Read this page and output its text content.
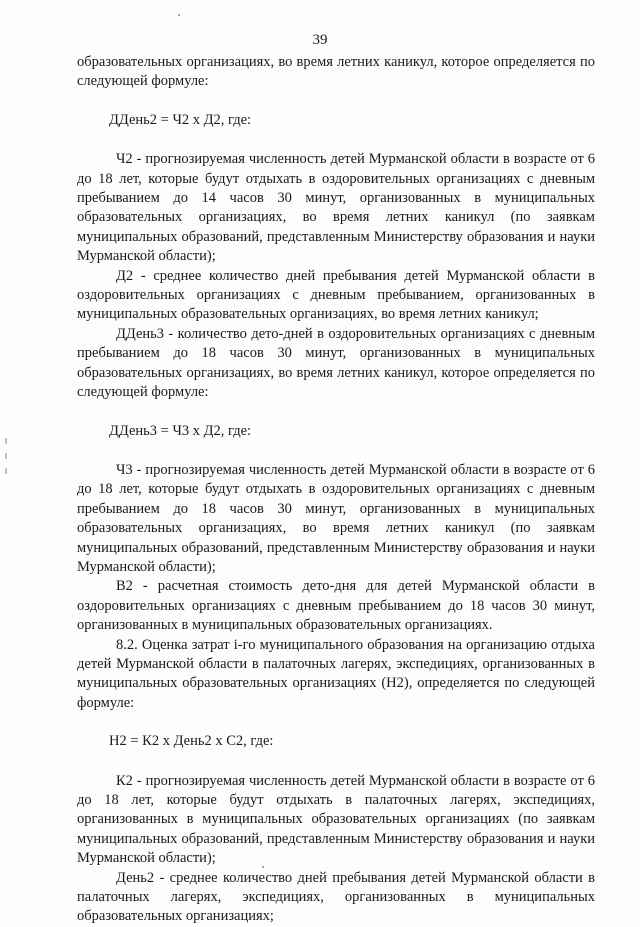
39

образовательных организациях, во время летних каникул, которое определяется по следующей формуле:

ДДень2 = Ч2 x Д2, где:

Ч2 - прогнозируемая численность детей Мурманской области в возрасте от 6 до 18 лет, которые будут отдыхать в оздоровительных организациях с дневным пребыванием до 14 часов 30 минут, организованных в муниципальных образовательных организациях, во время летних каникул (по заявкам муниципальных образований, представленным Министерству образования и науки Мурманской области);

Д2 - среднее количество дней пребывания детей Мурманской области в оздоровительных организациях с дневным пребыванием, организованных в муниципальных образовательных организациях, во время летних каникул;

ДДень3 - количество дето-дней в оздоровительных организациях с дневным пребыванием до 18 часов 30 минут, организованных в муниципальных образовательных организациях, во время летних каникул, которое определяется по следующей формуле:

ДДень3 = Ч3 x Д2, где:

Ч3 - прогнозируемая численность детей Мурманской области в возрасте от 6 до 18 лет, которые будут отдыхать в оздоровительных организациях с дневным пребыванием до 18 часов 30 минут, организованных в муниципальных образовательных организациях, во время летних каникул (по заявкам муниципальных образований, представленным Министерству образования и науки Мурманской области);

В2 - расчетная стоимость дето-дня для детей Мурманской области в оздоровительных организациях с дневным пребыванием до 18 часов 30 минут, организованных в муниципальных образовательных организациях.

8.2. Оценка затрат i-го муниципального образования на организацию отдыха детей Мурманской области в палаточных лагерях, экспедициях, организованных в муниципальных образовательных организациях (Н2), определяется по следующей формуле:

Н2 = К2 x День2 x С2, где:

К2 - прогнозируемая численность детей Мурманской области в возрасте от 6 до 18 лет, которые будут отдыхать в палаточных лагерях, экспедициях, организованных в муниципальных образовательных организациях (по заявкам муниципальных образований, представленным Министерству образования и науки Мурманской области);

День2 - среднее количество дней пребывания детей Мурманской области в палаточных лагерях, экспедициях, организованных в муниципальных образовательных организациях;
